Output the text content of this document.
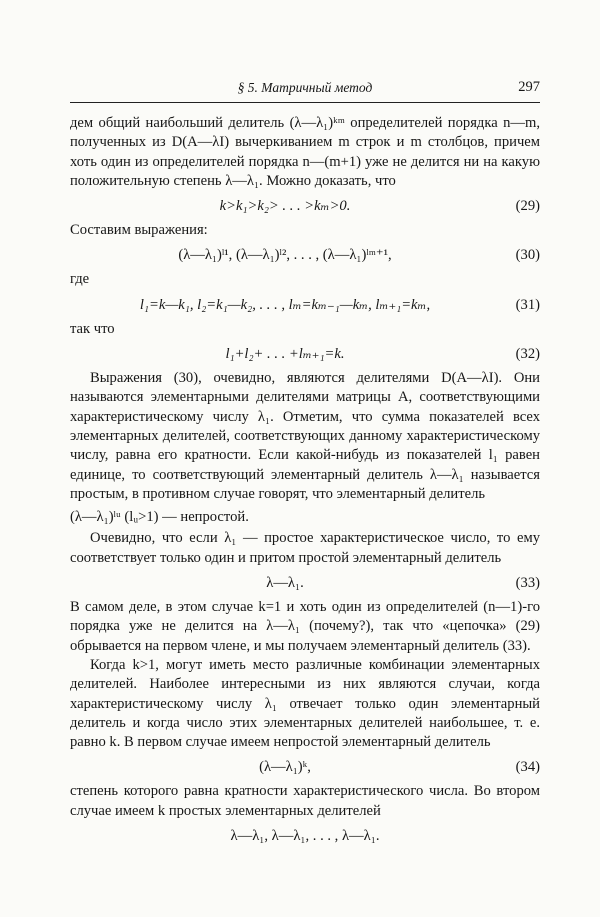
§ 5. Матричный метод	297

дем общий наибольший делитель (λ—λ₁)ᵏᵐ определителей порядка n—m, полученных из D(A—λI) вычеркиванием m строк и m столбцов, причем хоть один из определителей порядка n—(m+1) уже не делится ни на какую положительную степень λ—λ₁. Можно доказать, что

k>k₁>k₂> . . . >kₘ>0.	(29)

Составим выражения:

(λ—λ₁)ˡ¹, (λ—λ₁)ˡ², . . . , (λ—λ₁)ˡᵐ⁺¹,	(30)

где

l₁=k—k₁, l₂=k₁—k₂, . . . , lₘ=kₘ₋₁—kₘ, lₘ₊₁=kₘ,	(31)

так что

l₁+l₂+ . . . +lₘ₊₁=k.	(32)

Выражения (30), очевидно, являются делителями D(A—λI). Они называются элементарными делителями матрицы A, соответствующими характеристическому числу λ₁. Отметим, что сумма показателей всех элементарных делителей, соответствующих данному характеристическому числу, равна его кратности. Если какой-нибудь из показателей l₁ равен единице, то соответствующий элементарный делитель λ—λ₁ называется простым, в противном случае говорят, что элементарный делитель

(λ—λ₁)ˡᵘ (lᵤ>1) — непростой.

Очевидно, что если λ₁ — простое характеристическое число, то ему соответствует только один и притом простой элементарный делитель

λ—λ₁.	(33)

В самом деле, в этом случае k=1 и хоть один из определителей (n—1)-го порядка уже не делится на λ—λ₁ (почему?), так что «цепочка» (29) обрывается на первом члене, и мы получаем элементарный делитель (33).

Когда k>1, могут иметь место различные комбинации элементарных делителей. Наиболее интересными из них являются случаи, когда характеристическому числу λ₁ отвечает только один элементарный делитель и когда число этих элементарных делителей наибольшее, т. е. равно k. В первом случае имеем непростой элементарный делитель

(λ—λ₁)ᵏ,	(34)

степень которого равна кратности характеристического числа. Во втором случае имеем k простых элементарных делителей

λ—λ₁, λ—λ₁, . . . , λ—λ₁.
